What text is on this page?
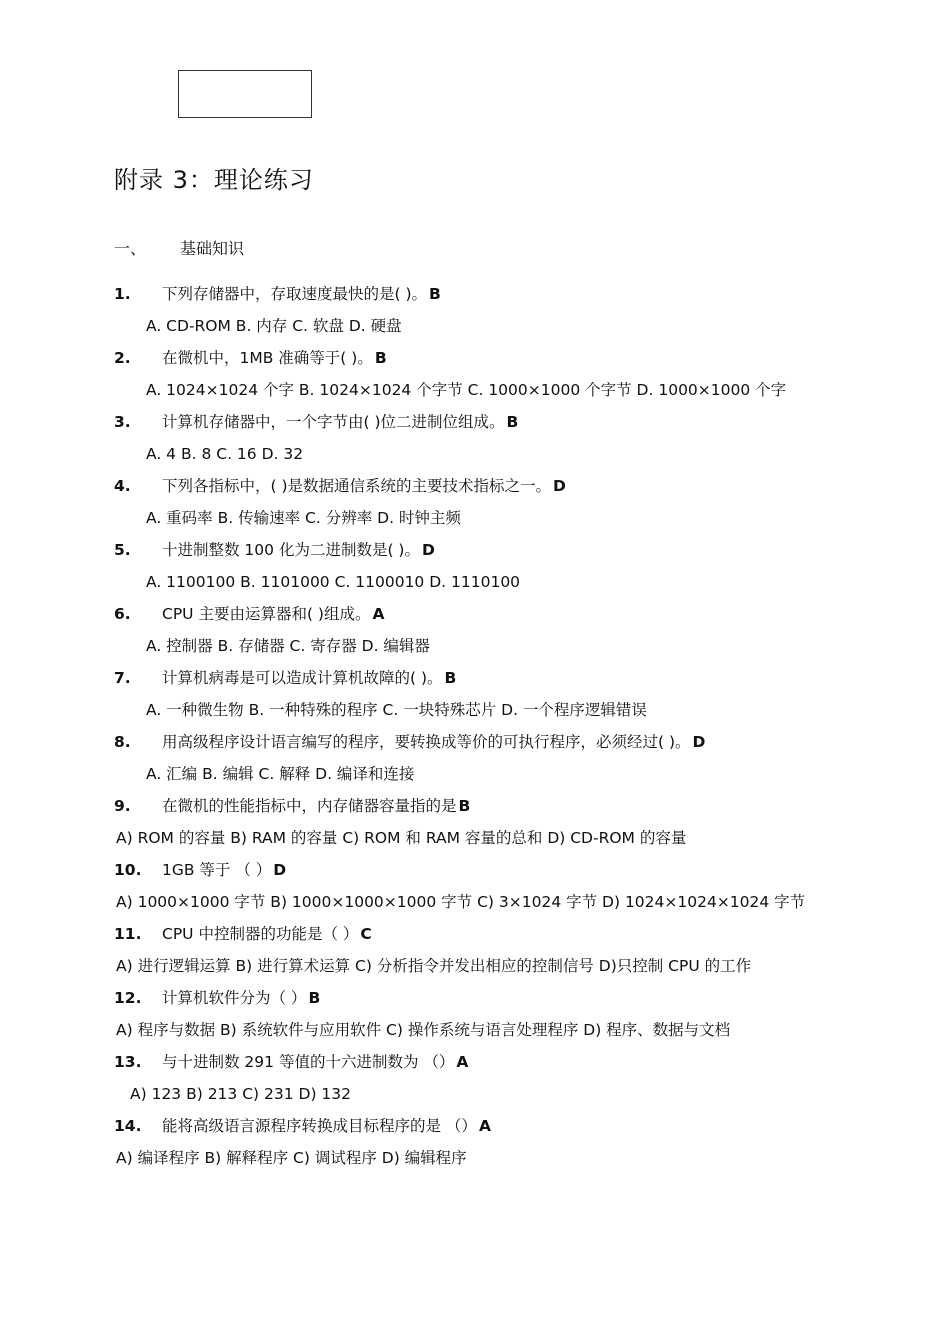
附录 3：理论练习
一、 基础知识
1. 下列存储器中，存取速度最快的是( )。 B
A. CD-ROM B. 内存 C. 软盘 D. 硬盘
2. 在微机中，1MB 准确等于( )。 B
A. 1024×1024 个字 B. 1024×1024 个字节 C. 1000×1000 个字节 D. 1000×1000 个字
3. 计算机存储器中，一个字节由( )位二进制位组成。 B
A. 4 B. 8 C. 16 D. 32
4. 下列各指标中，( )是数据通信系统的主要技术指标之一。 D
A. 重码率 B. 传输速率 C. 分辨率 D. 时钟主频
5. 十进制整数 100 化为二进制数是( )。 D
A. 1100100 B. 1101000 C. 1100010 D. 1110100
6. CPU 主要由运算器和( )组成。 A
A. 控制器 B. 存储器 C. 寄存器 D. 编辑器
7. 计算机病毒是可以造成计算机故障的( )。 B
A. 一种微生物 B. 一种特殊的程序 C. 一块特殊芯片 D. 一个程序逻辑错误
8. 用高级程序设计语言编写的程序，要转换成等价的可执行程序，必须经过( )。 D
A. 汇编 B. 编辑 C. 解释 D. 编译和连接
9. 在微机的性能指标中，内存储器容量指的是 B
A) ROM 的容量 B) RAM 的容量 C) ROM 和 RAM 容量的总和 D) CD-ROM 的容量
10. 1GB 等于 （ ） D
A) 1000×1000 字节 B) 1000×1000×1000 字节 C) 3×1024 字节 D) 1024×1024×1024 字节
11. CPU 中控制器的功能是（ ） C
A) 进行逻辑运算 B) 进行算术运算 C) 分析指令并发出相应的控制信号 D)只控制 CPU 的工作
12. 计算机软件分为（ ） B
A) 程序与数据 B) 系统软件与应用软件 C) 操作系统与语言处理程序 D) 程序、数据与文档
13. 与十进制数 291 等值的十六进制数为 （） A
A) 123 B) 213 C) 231 D) 132
14. 能将高级语言源程序转换成目标程序的是 （） A
A) 编译程序 B) 解释程序 C) 调试程序 D) 编辑程序
